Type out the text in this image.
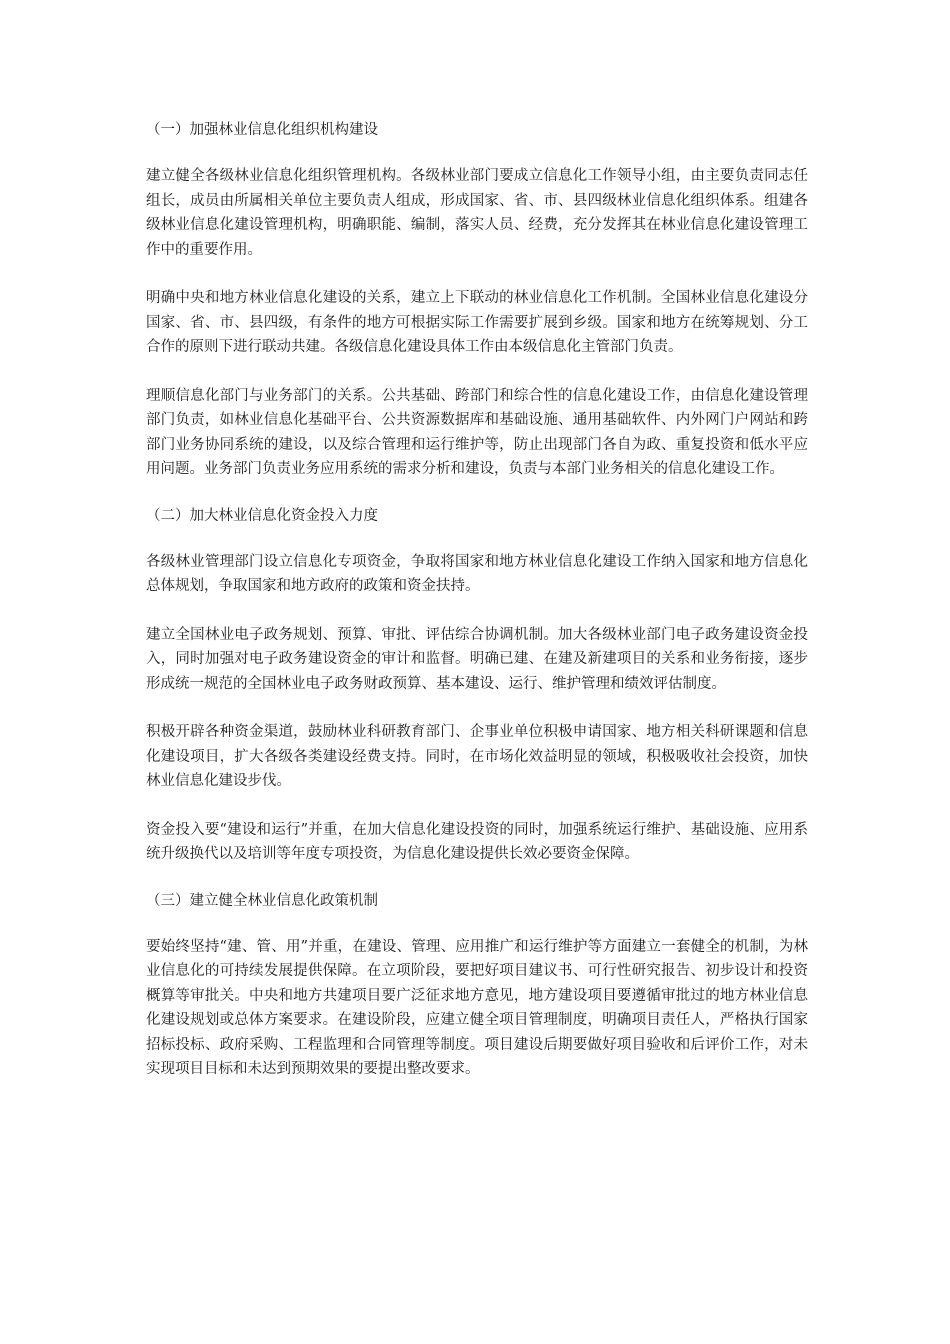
（一）加强林业信息化组织机构建设

建立健全各级林业信息化组织管理机构。各级林业部门要成立信息化工作领导小组，由主要负责同志任组长，成员由所属相关单位主要负责人组成，形成国家、省、市、县四级林业信息化组织体系。组建各级林业信息化建设管理机构，明确职能、编制，落实人员、经费，充分发挥其在林业信息化建设管理工作中的重要作用。

明确中央和地方林业信息化建设的关系，建立上下联动的林业信息化工作机制。全国林业信息化建设分国家、省、市、县四级，有条件的地方可根据实际工作需要扩展到乡级。国家和地方在统筹规划、分工合作的原则下进行联动共建。各级信息化建设具体工作由本级信息化主管部门负责。

理顺信息化部门与业务部门的关系。公共基础、跨部门和综合性的信息化建设工作，由信息化建设管理部门负责，如林业信息化基础平台、公共资源数据库和基础设施、通用基础软件、内外网门户网站和跨部门业务协同系统的建设，以及综合管理和运行维护等，防止出现部门各自为政、重复投资和低水平应用问题。业务部门负责业务应用系统的需求分析和建设，负责与本部门业务相关的信息化建设工作。

（二）加大林业信息化资金投入力度

各级林业管理部门设立信息化专项资金，争取将国家和地方林业信息化建设工作纳入国家和地方信息化总体规划，争取国家和地方政府的政策和资金扶持。

建立全国林业电子政务规划、预算、审批、评估综合协调机制。加大各级林业部门电子政务建设资金投入，同时加强对电子政务建设资金的审计和监督。明确已建、在建及新建项目的关系和业务衔接，逐步形成统一规范的全国林业电子政务财政预算、基本建设、运行、维护管理和绩效评估制度。

积极开辟各种资金渠道，鼓励林业科研教育部门、企事业单位积极申请国家、地方相关科研课题和信息化建设项目，扩大各级各类建设经费支持。同时，在市场化效益明显的领域，积极吸收社会投资，加快林业信息化建设步伐。

资金投入要“建设和运行”并重，在加大信息化建设投资的同时，加强系统运行维护、基础设施、应用系统升级换代以及培训等年度专项投资，为信息化建设提供长效必要资金保障。

（三）建立健全林业信息化政策机制

要始终坚持“建、管、用”并重，在建设、管理、应用推广和运行维护等方面建立一套健全的机制，为林业信息化的可持续发展提供保障。在立项阶段，要把好项目建议书、可行性研究报告、初步设计和投资概算等审批关。中央和地方共建项目要广泛征求地方意见，地方建设项目要遵循审批过的地方林业信息化建设规划或总体方案要求。在建设阶段，应建立健全项目管理制度，明确项目责任人，严格执行国家招标投标、政府采购、工程监理和合同管理等制度。项目建设后期要做好项目验收和后评价工作，对未实现项目目标和未达到预期效果的要提出整改要求。
